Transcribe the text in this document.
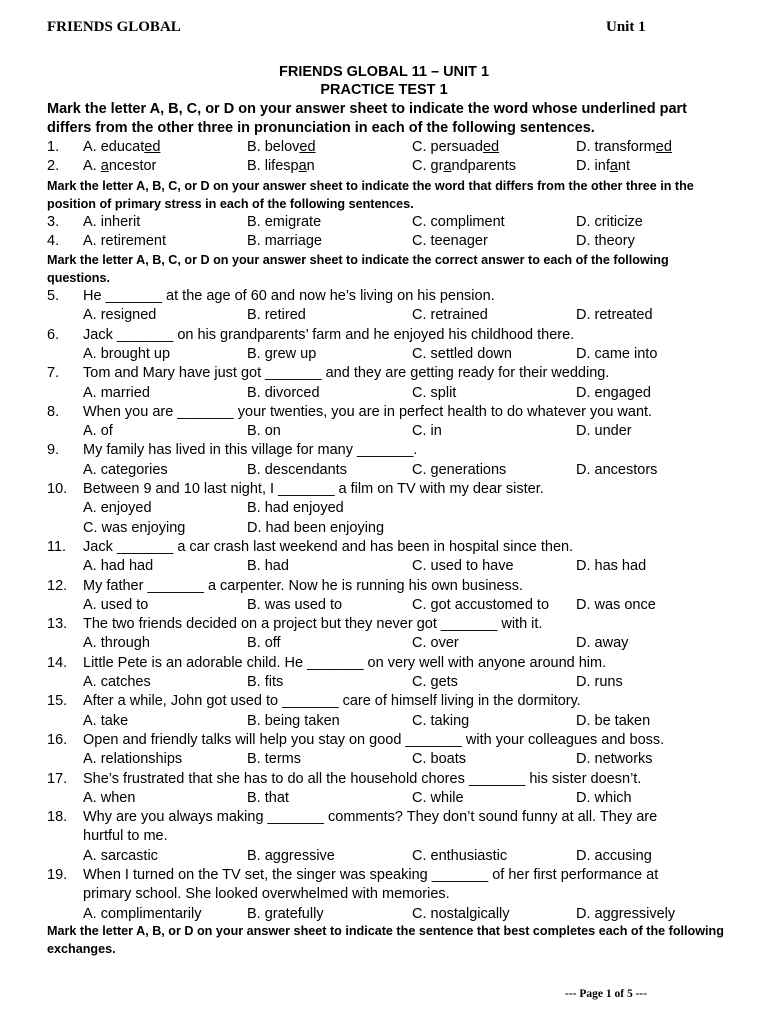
FRIENDS GLOBAL	Unit 1
FRIENDS GLOBAL 11 – UNIT 1
PRACTICE TEST 1
Mark the letter A, B, C, or D on your answer sheet to indicate the word whose underlined part differs from the other three in pronunciation in each of the following sentences.
1. A. educated	B. beloved	C. persuaded	D. transformed
2. A. ancestor	B. lifespan	C. grandparents	D. infant
Mark the letter A, B, C, or D on your answer sheet to indicate the word that differs from the other three in the position of primary stress in each of the following sentences.
3. A. inherit	B. emigrate	C. compliment	D. criticize
4. A. retirement	B. marriage	C. teenager	D. theory
Mark the letter A, B, C, or D on your answer sheet to indicate the correct answer to each of the following questions.
5. He _______ at the age of 60 and now he’s living on his pension.
A. resigned	B. retired	C. retrained	D. retreated
6. Jack _______ on his grandparents’ farm and he enjoyed his childhood there.
A. brought up	B. grew up	C. settled down	D. came into
7. Tom and Mary have just got _______ and they are getting ready for their wedding.
A. married	B. divorced	C. split	D. engaged
8. When you are _______ your twenties, you are in perfect health to do whatever you want.
A. of	B. on	C. in	D. under
9. My family has lived in this village for many _______.
A. categories	B. descendants	C. generations	D. ancestors
10. Between 9 and 10 last night, I _______ a film on TV with my dear sister.
A. enjoyed	B. had enjoyed
C. was enjoying	D. had been enjoying
11. Jack _______ a car crash last weekend and has been in hospital since then.
A. had had	B. had	C. used to have	D. has had
12. My father _______ a carpenter. Now he is running his own business.
A. used to	B. was used to	C. got accustomed to D. was once
13. The two friends decided on a project but they never got _______ with it.
A. through	B. off	C. over	D. away
14. Little Pete is an adorable child. He _______ on very well with anyone around him.
A. catches	B. fits	C. gets	D. runs
15. After a while, John got used to _______ care of himself living in the dormitory.
A. take	B. being taken	C. taking	D. be taken
16. Open and friendly talks will help you stay on good _______ with your colleagues and boss.
A. relationships	B. terms	C. boats	D. networks
17. She’s frustrated that she has to do all the household chores _______ his sister doesn’t.
A. when	B. that	C. while	D. which
18. Why are you always making _______ comments? They don’t sound funny at all. They are
hurtful to me.
A. sarcastic	B. aggressive	C. enthusiastic	D. accusing
19. When I turned on the TV set, the singer was speaking _______ of her first performance at
primary school. She looked overwhelmed with memories.
A. complimentarily	B. gratefully	C. nostalgically	D. aggressively
Mark the letter A, B, or D on your answer sheet to indicate the sentence that best completes each of the following exchanges.
--- Page 1 of 5 ---
